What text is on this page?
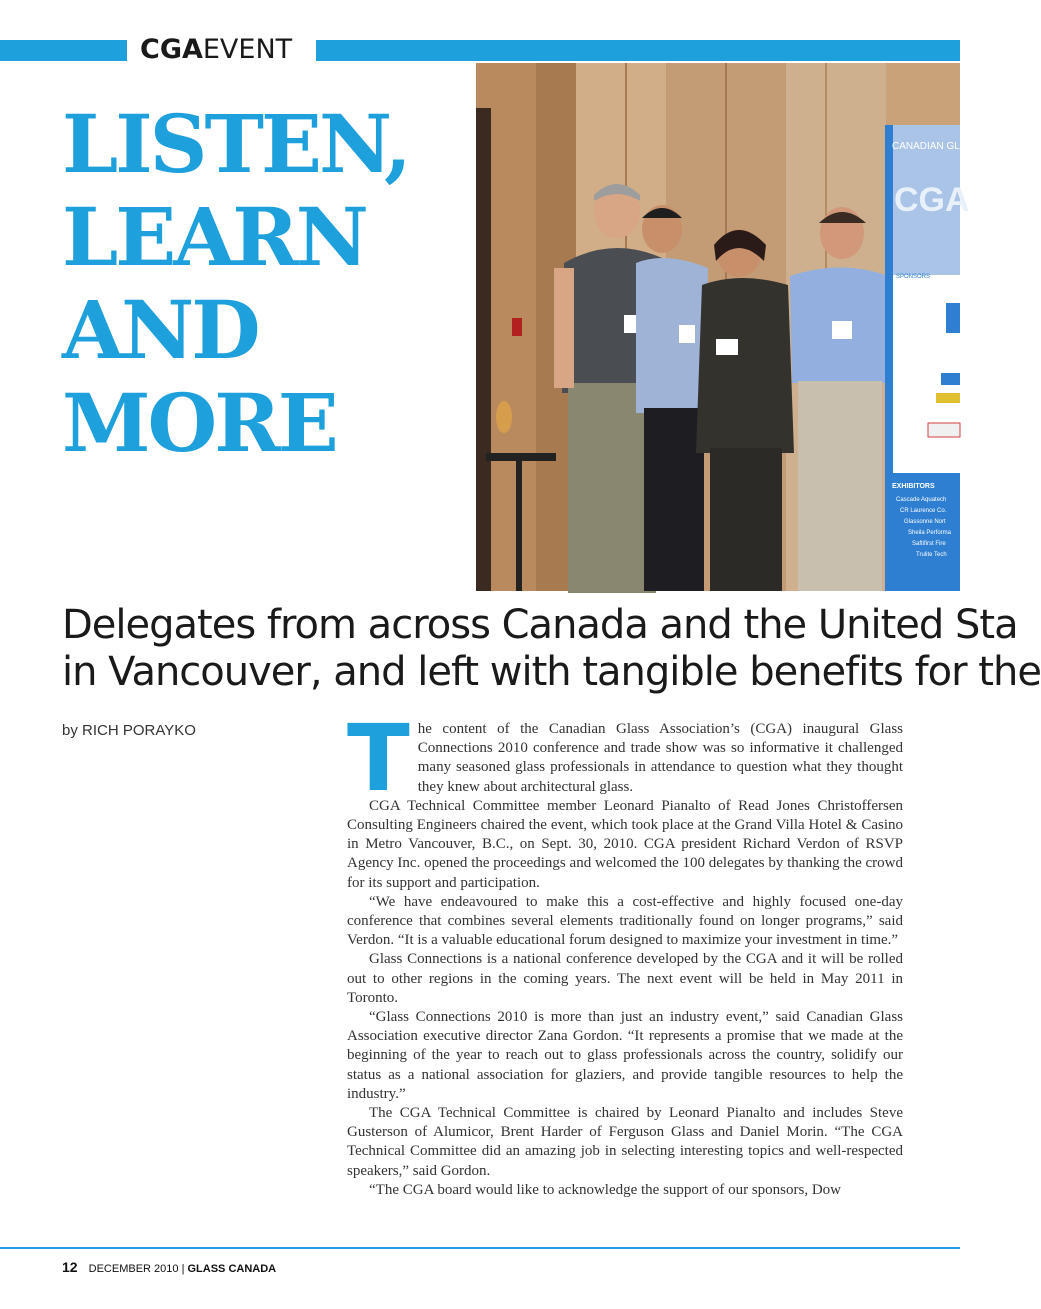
CGAEVENT
LISTEN,
LEARN
AND
MORE
CANADIAN GL
CGA
SPONSORS
EXHIBITORS
Cascade Aquatech
CR Laurence Co.
Glassonne Nort
Sheila Performa
Saftifirst Fire
Trulite Tech
Delegates from across Canada and the United Sta
in Vancouver, and left with tangible benefits for the
by RICH PORAYKO T he content of the Canadian Glass Association’s (CGA) inaugural Glass Connections 2010 conference and trade show was so informative it challenged many seasoned glass professionals in attendance to question what they thought they knew about architectural glass.

CGA Technical Committee member Leonard Pianalto of Read Jones Christoffersen Consulting Engineers chaired the event, which took place at the Grand Villa Hotel & Casino in Metro Vancouver, B.C., on Sept. 30, 2010. CGA president Richard Verdon of RSVP Agency Inc. opened the proceedings and welcomed the 100 delegates by thanking the crowd for its support and participation.

“We have endeavoured to make this a cost-effective and highly focused one-day conference that combines several elements traditionally found on longer programs,” said Verdon. “It is a valuable educational forum designed to maximize your investment in time.”

Glass Connections is a national conference developed by the CGA and it will be rolled out to other regions in the coming years. The next event will be held in May 2011 in Toronto.

“Glass Connections 2010 is more than just an industry event,” said Canadian Glass Association executive director Zana Gordon. “It represents a promise that we made at the beginning of the year to reach out to glass professionals across the country, solidify our status as a national association for glaziers, and provide tangible resources to help the industry.”

The CGA Technical Committee is chaired by Leonard Pianalto and includes Steve Gusterson of Alumicor, Brent Harder of Ferguson Glass and Daniel Morin. “The CGA Technical Committee did an amazing job in selecting interesting topics and well-respected speakers,” said Gordon.

“The CGA board would like to acknowledge the support of our sponsors, Dow

12 DECEMBER 2010 | GLASS CANADA
